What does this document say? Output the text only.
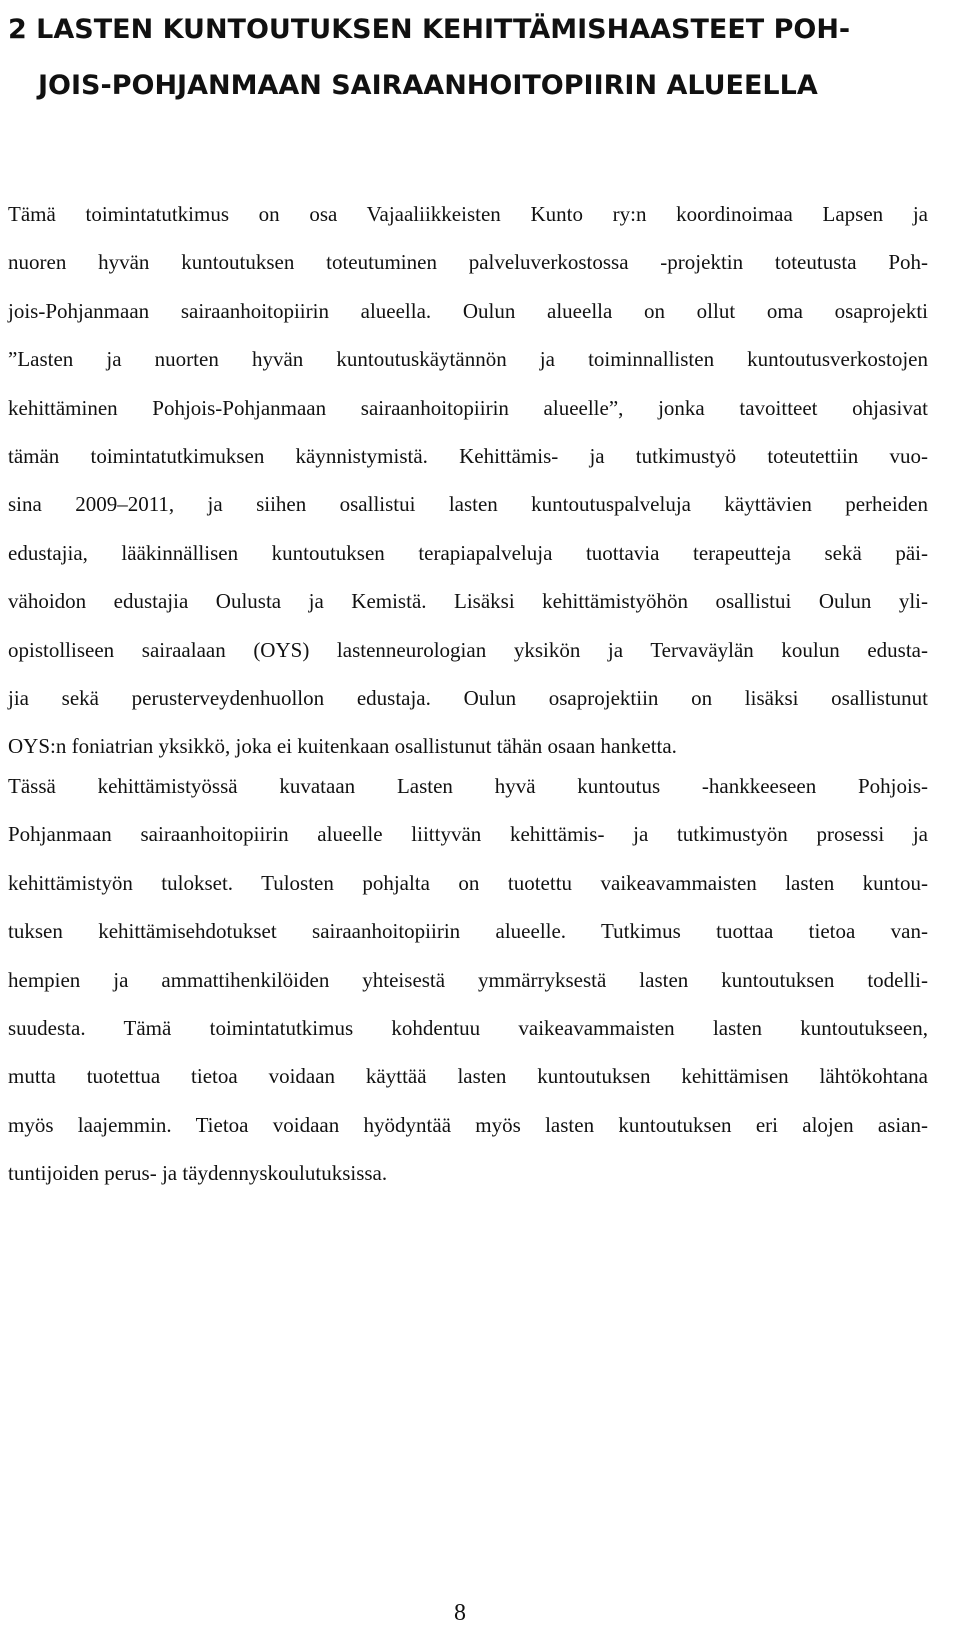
2 LASTEN KUNTOUTUKSEN KEHITTÄMISHAASTEET POH-
JOIS-POHJANMAAN SAIRAANHOITOPIIRIN ALUEELLA

Tämä toimintatutkimus on osa Vajaaliikkeisten Kunto ry:n koordinoimaa Lapsen ja
nuoren hyvän kuntoutuksen toteutuminen palveluverkostossa -projektin toteutusta Poh-
jois-Pohjanmaan sairaanhoitopiirin alueella. Oulun alueella on ollut oma osaprojekti
”Lasten ja nuorten hyvän kuntoutuskäytännön ja toiminnallisten kuntoutusverkostojen
kehittäminen Pohjois-Pohjanmaan sairaanhoitopiirin alueelle”, jonka tavoitteet ohjasivat
tämän toimintatutkimuksen käynnistymistä. Kehittämis- ja tutkimustyö toteutettiin vuo-
sina 2009–2011, ja siihen osallistui lasten kuntoutuspalveluja käyttävien perheiden
edustajia, lääkinnällisen kuntoutuksen terapiapalveluja tuottavia terapeutteja sekä päi-
vähoidon edustajia Oulusta ja Kemistä. Lisäksi kehittämistyöhön osallistui Oulun yli-
opistolliseen sairaalaan (OYS) lastenneurologian yksikön ja Tervaväylän koulun edusta-
jia sekä perusterveydenhuollon edustaja. Oulun osaprojektiin on lisäksi osallistunut
OYS:n foniatrian yksikkö, joka ei kuitenkaan osallistunut tähän osaan hanketta.

Tässä kehittämistyössä kuvataan Lasten hyvä kuntoutus -hankkeeseen Pohjois-
Pohjanmaan sairaanhoitopiirin alueelle liittyvän kehittämis- ja tutkimustyön prosessi ja
kehittämistyön tulokset. Tulosten pohjalta on tuotettu vaikeavammaisten lasten kuntou-
tuksen kehittämisehdotukset sairaanhoitopiirin alueelle. Tutkimus tuottaa tietoa van-
hempien ja ammattihenkilöiden yhteisestä ymmärryksestä lasten kuntoutuksen todelli-
suudesta. Tämä toimintatutkimus kohdentuu vaikeavammaisten lasten kuntoutukseen,
mutta tuotettua tietoa voidaan käyttää lasten kuntoutuksen kehittämisen lähtökohtana
myös laajemmin. Tietoa voidaan hyödyntää myös lasten kuntoutuksen eri alojen asian-
tuntijoiden perus- ja täydennyskoulutuksissa.

8
